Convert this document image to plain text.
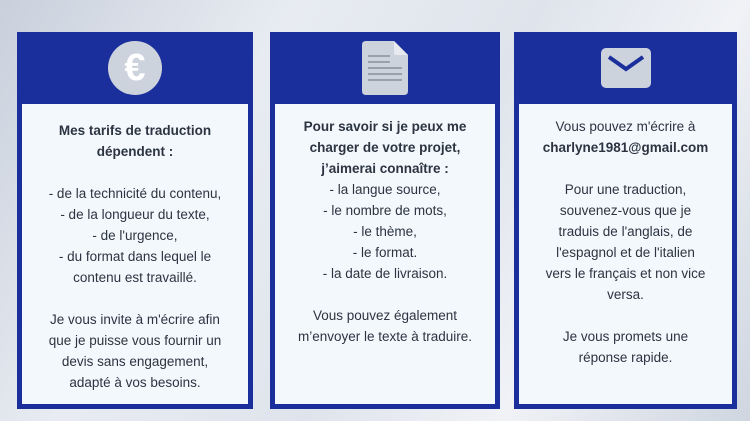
€

Mes tarifs de traduction

dépendent :

- de la technicité du contenu,

- de la longueur du texte,

- de l'urgence,

- du format dans lequel le

contenu est travaillé.

Je vous invite à m'écrire afin

que je puisse vous fournir un

devis sans engagement,

adapté à vos besoins.

Pour savoir si je peux me

charger de votre projet,

j’aimerai connaître :

- la langue source,

- le nombre de mots,

- le thème,

- le format.

- la date de livraison.

Vous pouvez également

m’envoyer le texte à traduire.

Vous pouvez m'écrire à

charlyne1981@gmail.com

Pour une traduction,

souvenez-vous que je

traduis de l'anglais, de

l'espagnol et de l'italien

vers le français et non vice

versa.

Je vous promets une

réponse rapide.
